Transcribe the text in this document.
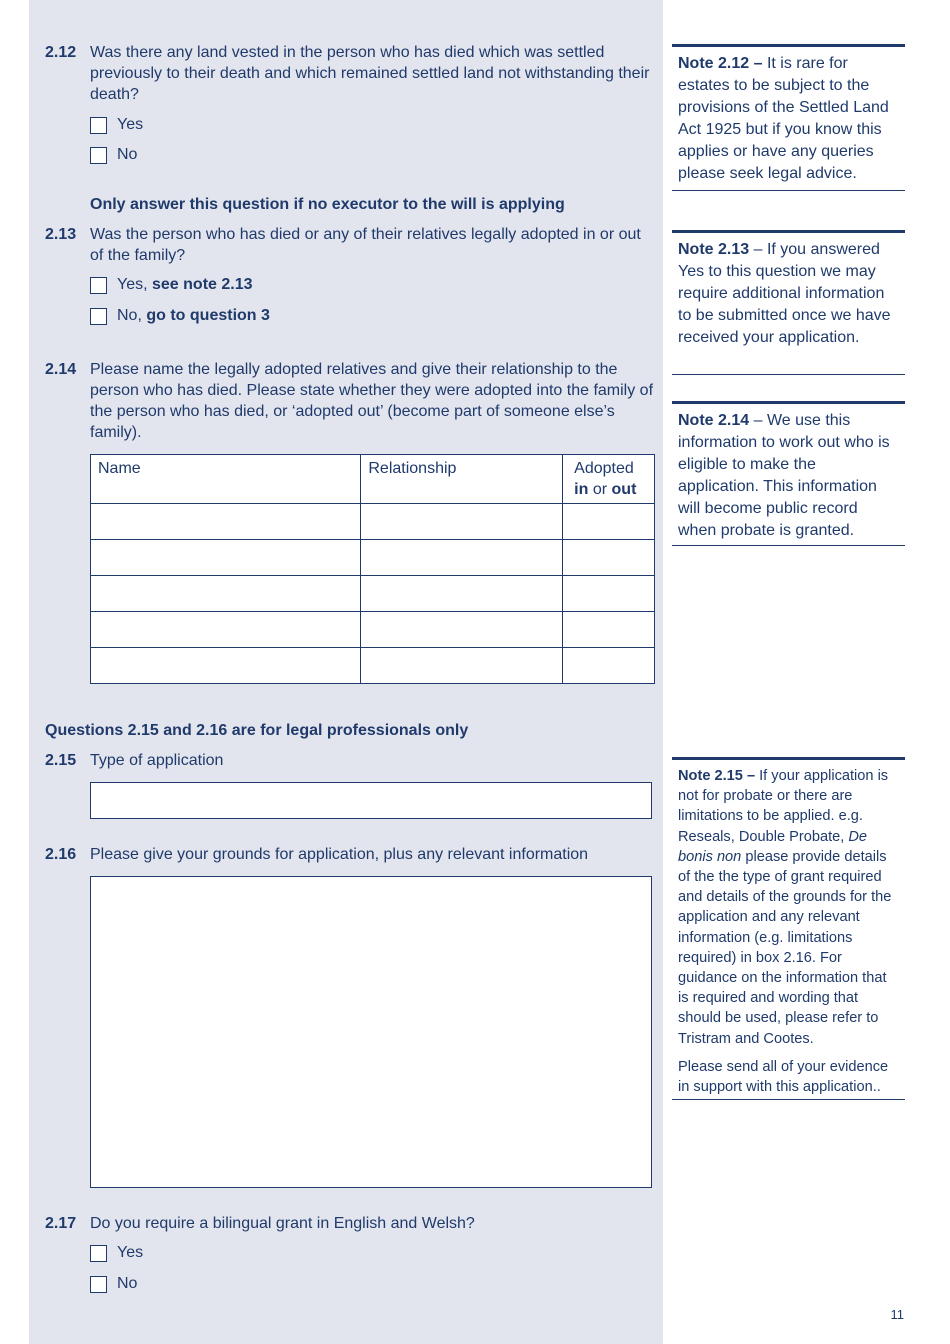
2.12 Was there any land vested in the person who has died which was settled previously to their death and which remained settled land not withstanding their death?
Yes
No
Only answer this question if no executor to the will is applying
2.13 Was the person who has died or any of their relatives legally adopted in or out of the family?
Yes, see note 2.13
No, go to question 3
2.14 Please name the legally adopted relatives and give their relationship to the person who has died. Please state whether they were adopted into the family of the person who has died, or ‘adopted out’ (become part of someone else’s family).
Name	Relationship	Adopted
in or out

Questions 2.15 and 2.16 are for legal professionals only
2.15 Type of application
2.16 Please give your grounds for application, plus any relevant information
2.17 Do you require a bilingual grant in English and Welsh?
Yes
No

Note 2.12 – It is rare for estates to be subject to the provisions of the Settled Land Act 1925 but if you know this applies or have any queries please seek legal advice.

Note 2.13 – If you answered Yes to this question we may require additional information to be submitted once we have received your application.

Note 2.14 – We use this information to work out who is eligible to make the application. This information will become public record when probate is granted.

Note 2.15 – If your application is not for probate or there are limitations to be applied. e.g. Reseals, Double Probate, De bonis non please provide details of the the type of grant required and details of the grounds for the application and any relevant information (e.g. limitations required) in box 2.16. For guidance on the information that is required and wording that should be used, please refer to Tristram and Cootes.

Please send all of your evidence in support with this application..

11
